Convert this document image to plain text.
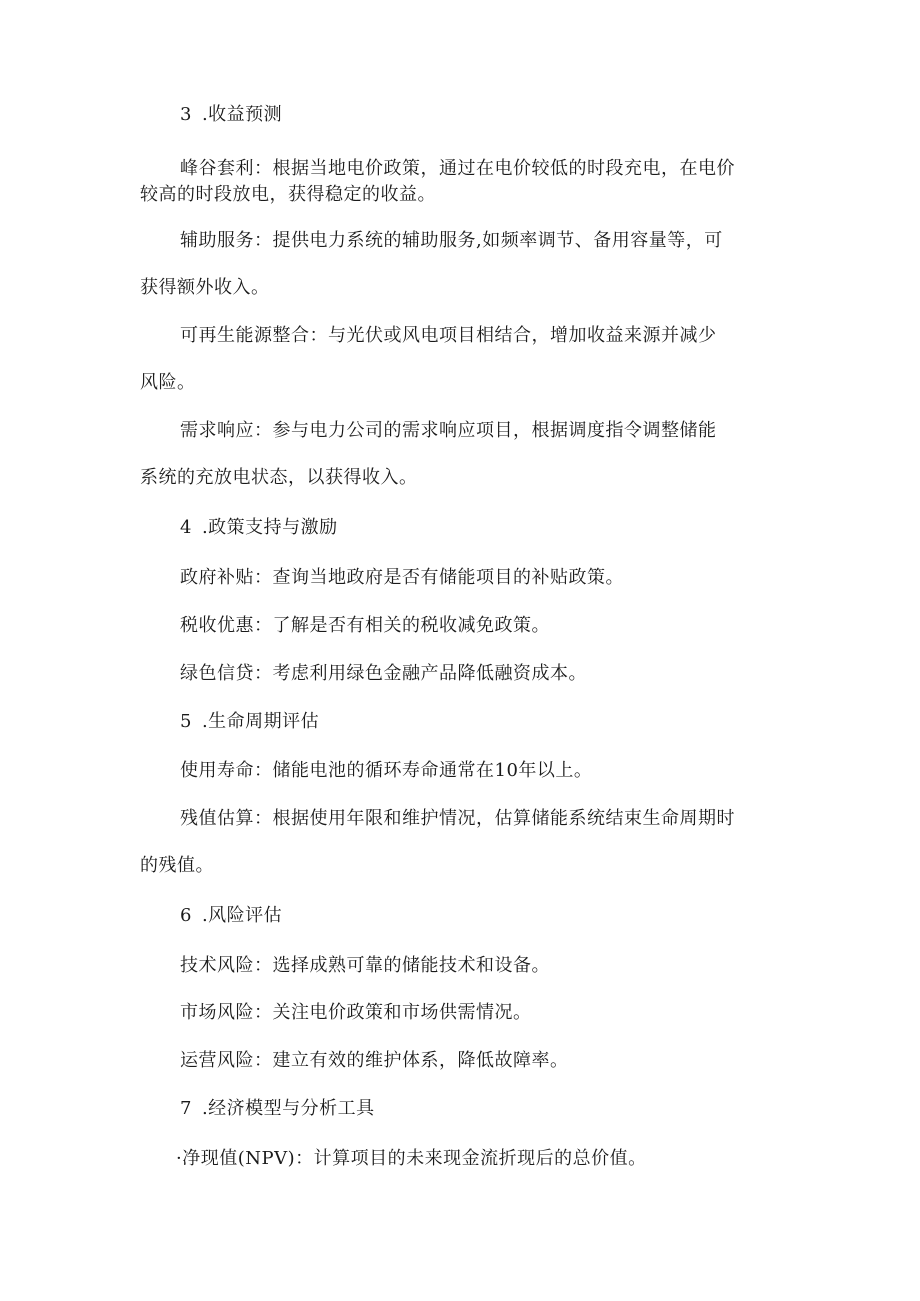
3 .收益预测
峰谷套利：根据当地电价政策，通过在电价较低的时段充电，在电价
较高的时段放电，获得稳定的收益。
辅助服务：提供电力系统的辅助服务,如频率调节、备用容量等，可
获得额外收入。
可再生能源整合：与光伏或风电项目相结合，增加收益来源并减少
风险。
需求响应：参与电力公司的需求响应项目，根据调度指令调整储能
系统的充放电状态，以获得收入。
4 .政策支持与激励
政府补贴：查询当地政府是否有储能项目的补贴政策。
税收优惠：了解是否有相关的税收减免政策。
绿色信贷：考虑利用绿色金融产品降低融资成本。
5 .生命周期评估
使用寿命：储能电池的循环寿命通常在10年以上。
残值估算：根据使用年限和维护情况，估算储能系统结束生命周期时
的残值。
6 .风险评估
技术风险：选择成熟可靠的储能技术和设备。
市场风险：关注电价政策和市场供需情况。
运营风险：建立有效的维护体系，降低故障率。
7 .经济模型与分析工具
·净现值(NPV)：计算项目的未来现金流折现后的总价值。
